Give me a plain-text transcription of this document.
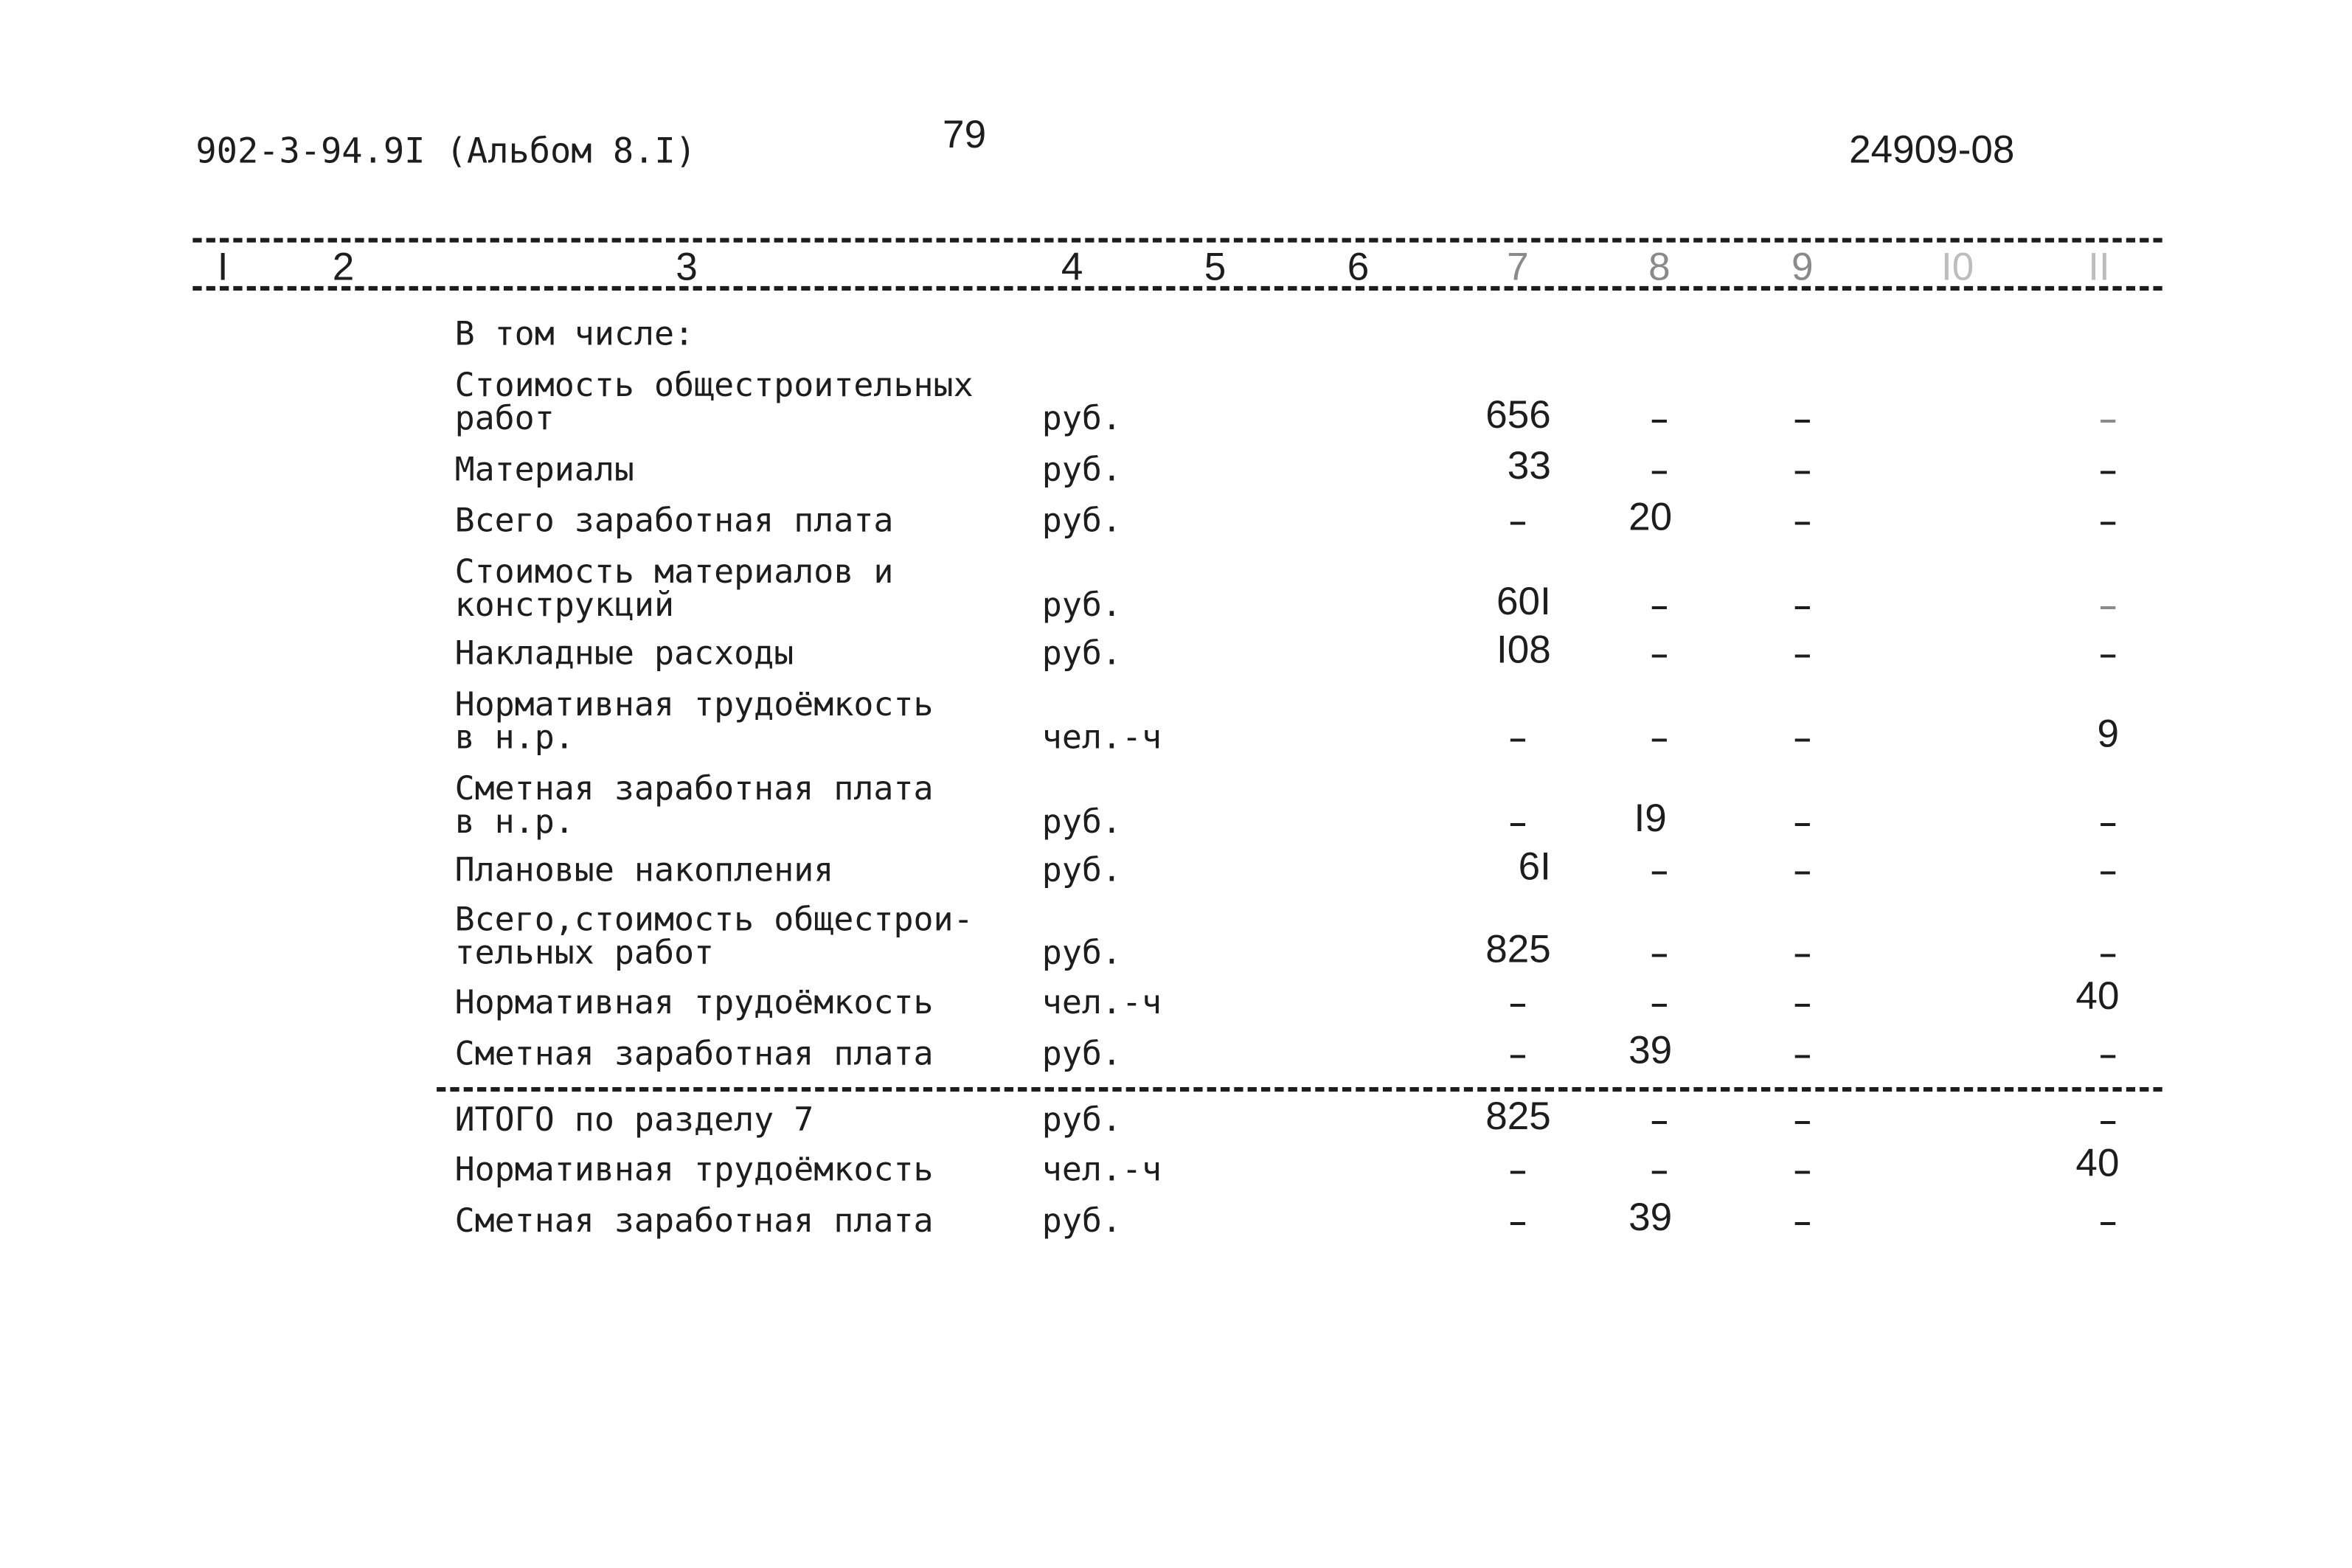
902-3-94.9I (Альбом 8.I)	79	24909-08
I	2	3	4	5	6	7	8	9	I0	II
В том числе:
Стоимость общестроительных
работ	руб.	656	–	–	–
Материалы	руб.	33	–	–	–
Всего заработная плата	руб.	–	20	–	–
Стоимость материалов и
конструкций	руб.	60I	–	–	–
Накладные расходы	руб.	I08	–	–	–
Нормативная трудоёмкость
в н.р.	чел.-ч	–	–	–	9
Сметная заработная плата
в н.р.	руб.	–	I9	–	–
Плановые накопления	руб.	6I	–	–	–
Всего,стоимость общестрои-
тельных работ	руб.	825	–	–	–
Нормативная трудоёмкость	чел.-ч	–	–	–	40
Сметная заработная плата	руб.	–	39	–	–
ИТОГО по разделу 7	руб.	825	–	–	–
Нормативная трудоёмкость	чел.-ч	–	–	–	40
Сметная заработная плата	руб.	–	39	–	–
